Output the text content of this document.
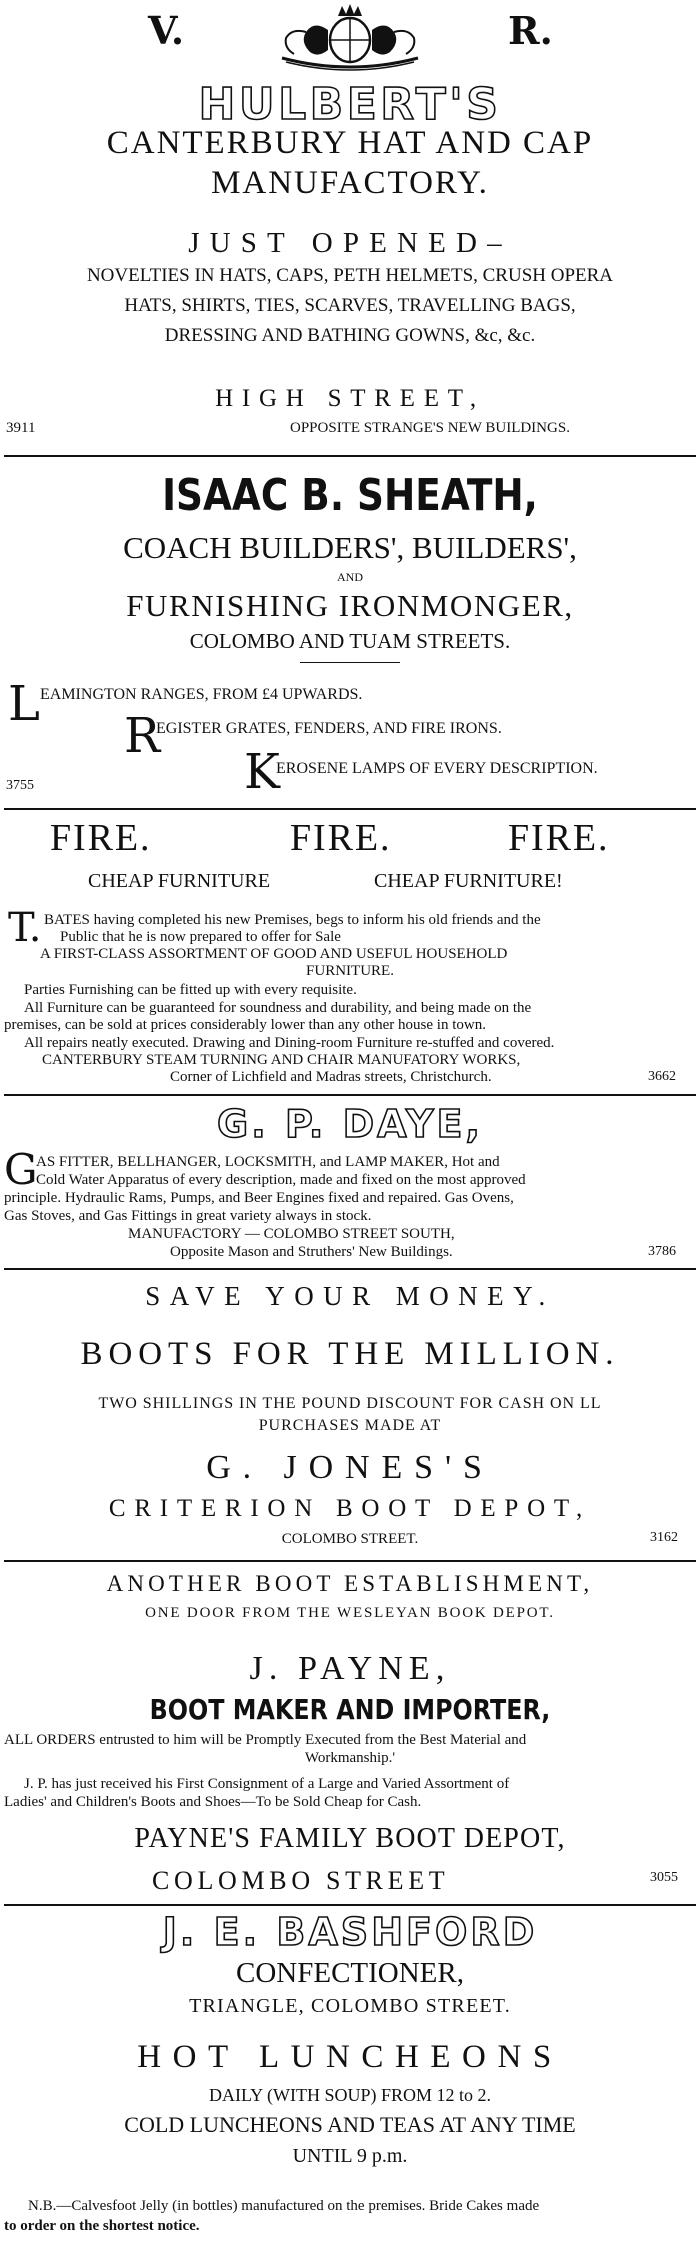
V.	R.
HULBERT'S
CANTERBURY HAT AND CAP
MANUFACTORY.
JUST OPENED–
NOVELTIES IN HATS, CAPS, PETH HELMETS, CRUSH OPERA
HATS, SHIRTS, TIES, SCARVES, TRAVELLING BAGS,
DRESSING AND BATHING GOWNS, &c, &c.
HIGH STREET,
3911	OPPOSITE STRANGE'S NEW BUILDINGS.
ISAAC B. SHEATH,
COACH BUILDERS', BUILDERS',
AND
FURNISHING IRONMONGER,
COLOMBO AND TUAM STREETS.
L EAMINGTON RANGES, FROM £4 UPWARDS.
R
EGISTER GRATES, FENDERS, AND FIRE IRONS.
3755	K
EROSENE LAMPS OF EVERY DESCRIPTION.
FIRE.	FIRE.	FIRE.
CHEAP FURNITURE	CHEAP FURNITURE!
T. BATES having completed his new Premises, begs to inform his old friends and the
Public that he is now prepared to offer for Sale
A FIRST-CLASS ASSORTMENT OF GOOD AND USEFUL HOUSEHOLD
FURNITURE.
Parties Furnishing can be fitted up with every requisite.
All Furniture can be guaranteed for soundness and durability, and being made on the
premises, can be sold at prices considerably lower than any other house in town.
All repairs neatly executed. Drawing and Dining-room Furniture re-stuffed and covered.
CANTERBURY STEAM TURNING AND CHAIR MANUFATORY WORKS,
Corner of Lichfield and Madras streets, Christchurch.	3662
G. P. DAYE,
G
AS FITTER, BELLHANGER, LOCKSMITH, and LAMP MAKER, Hot and
Cold Water Apparatus of every description, made and fixed on the most approved
principle. Hydraulic Rams, Pumps, and Beer Engines fixed and repaired. Gas Ovens,
Gas Stoves, and Gas Fittings in great variety always in stock.
MANUFACTORY — COLOMBO STREET SOUTH,
Opposite Mason and Struthers' New Buildings.	3786
SAVE YOUR MONEY.
BOOTS FOR THE MILLION.
TWO SHILLINGS IN THE POUND DISCOUNT FOR CASH ON LL
PURCHASES MADE AT
G. JONES'S
CRITERION BOOT DEPOT,
COLOMBO STREET.	3162
ANOTHER BOOT ESTABLISHMENT,
ONE DOOR FROM THE WESLEYAN BOOK DEPOT.
J. PAYNE,
BOOT MAKER AND IMPORTER,
ALL ORDERS entrusted to him will be Promptly Executed from the Best Material and
Workmanship.'
J. P. has just received his First Consignment of a Large and Varied Assortment of
Ladies' and Children's Boots and Shoes—To be Sold Cheap for Cash.
PAYNE'S FAMILY BOOT DEPOT,
COLOMBO STREET	3055
J. E. BASHFORD
CONFECTIONER,
TRIANGLE, COLOMBO STREET.
HOT LUNCHEONS
DAILY (WITH SOUP) FROM 12 to 2.
COLD LUNCHEONS AND TEAS AT ANY TIME
UNTIL 9 p.m.
N.B.—Calvesfoot Jelly (in bottles) manufactured on the premises. Bride Cakes made
to order on the shortest notice.
